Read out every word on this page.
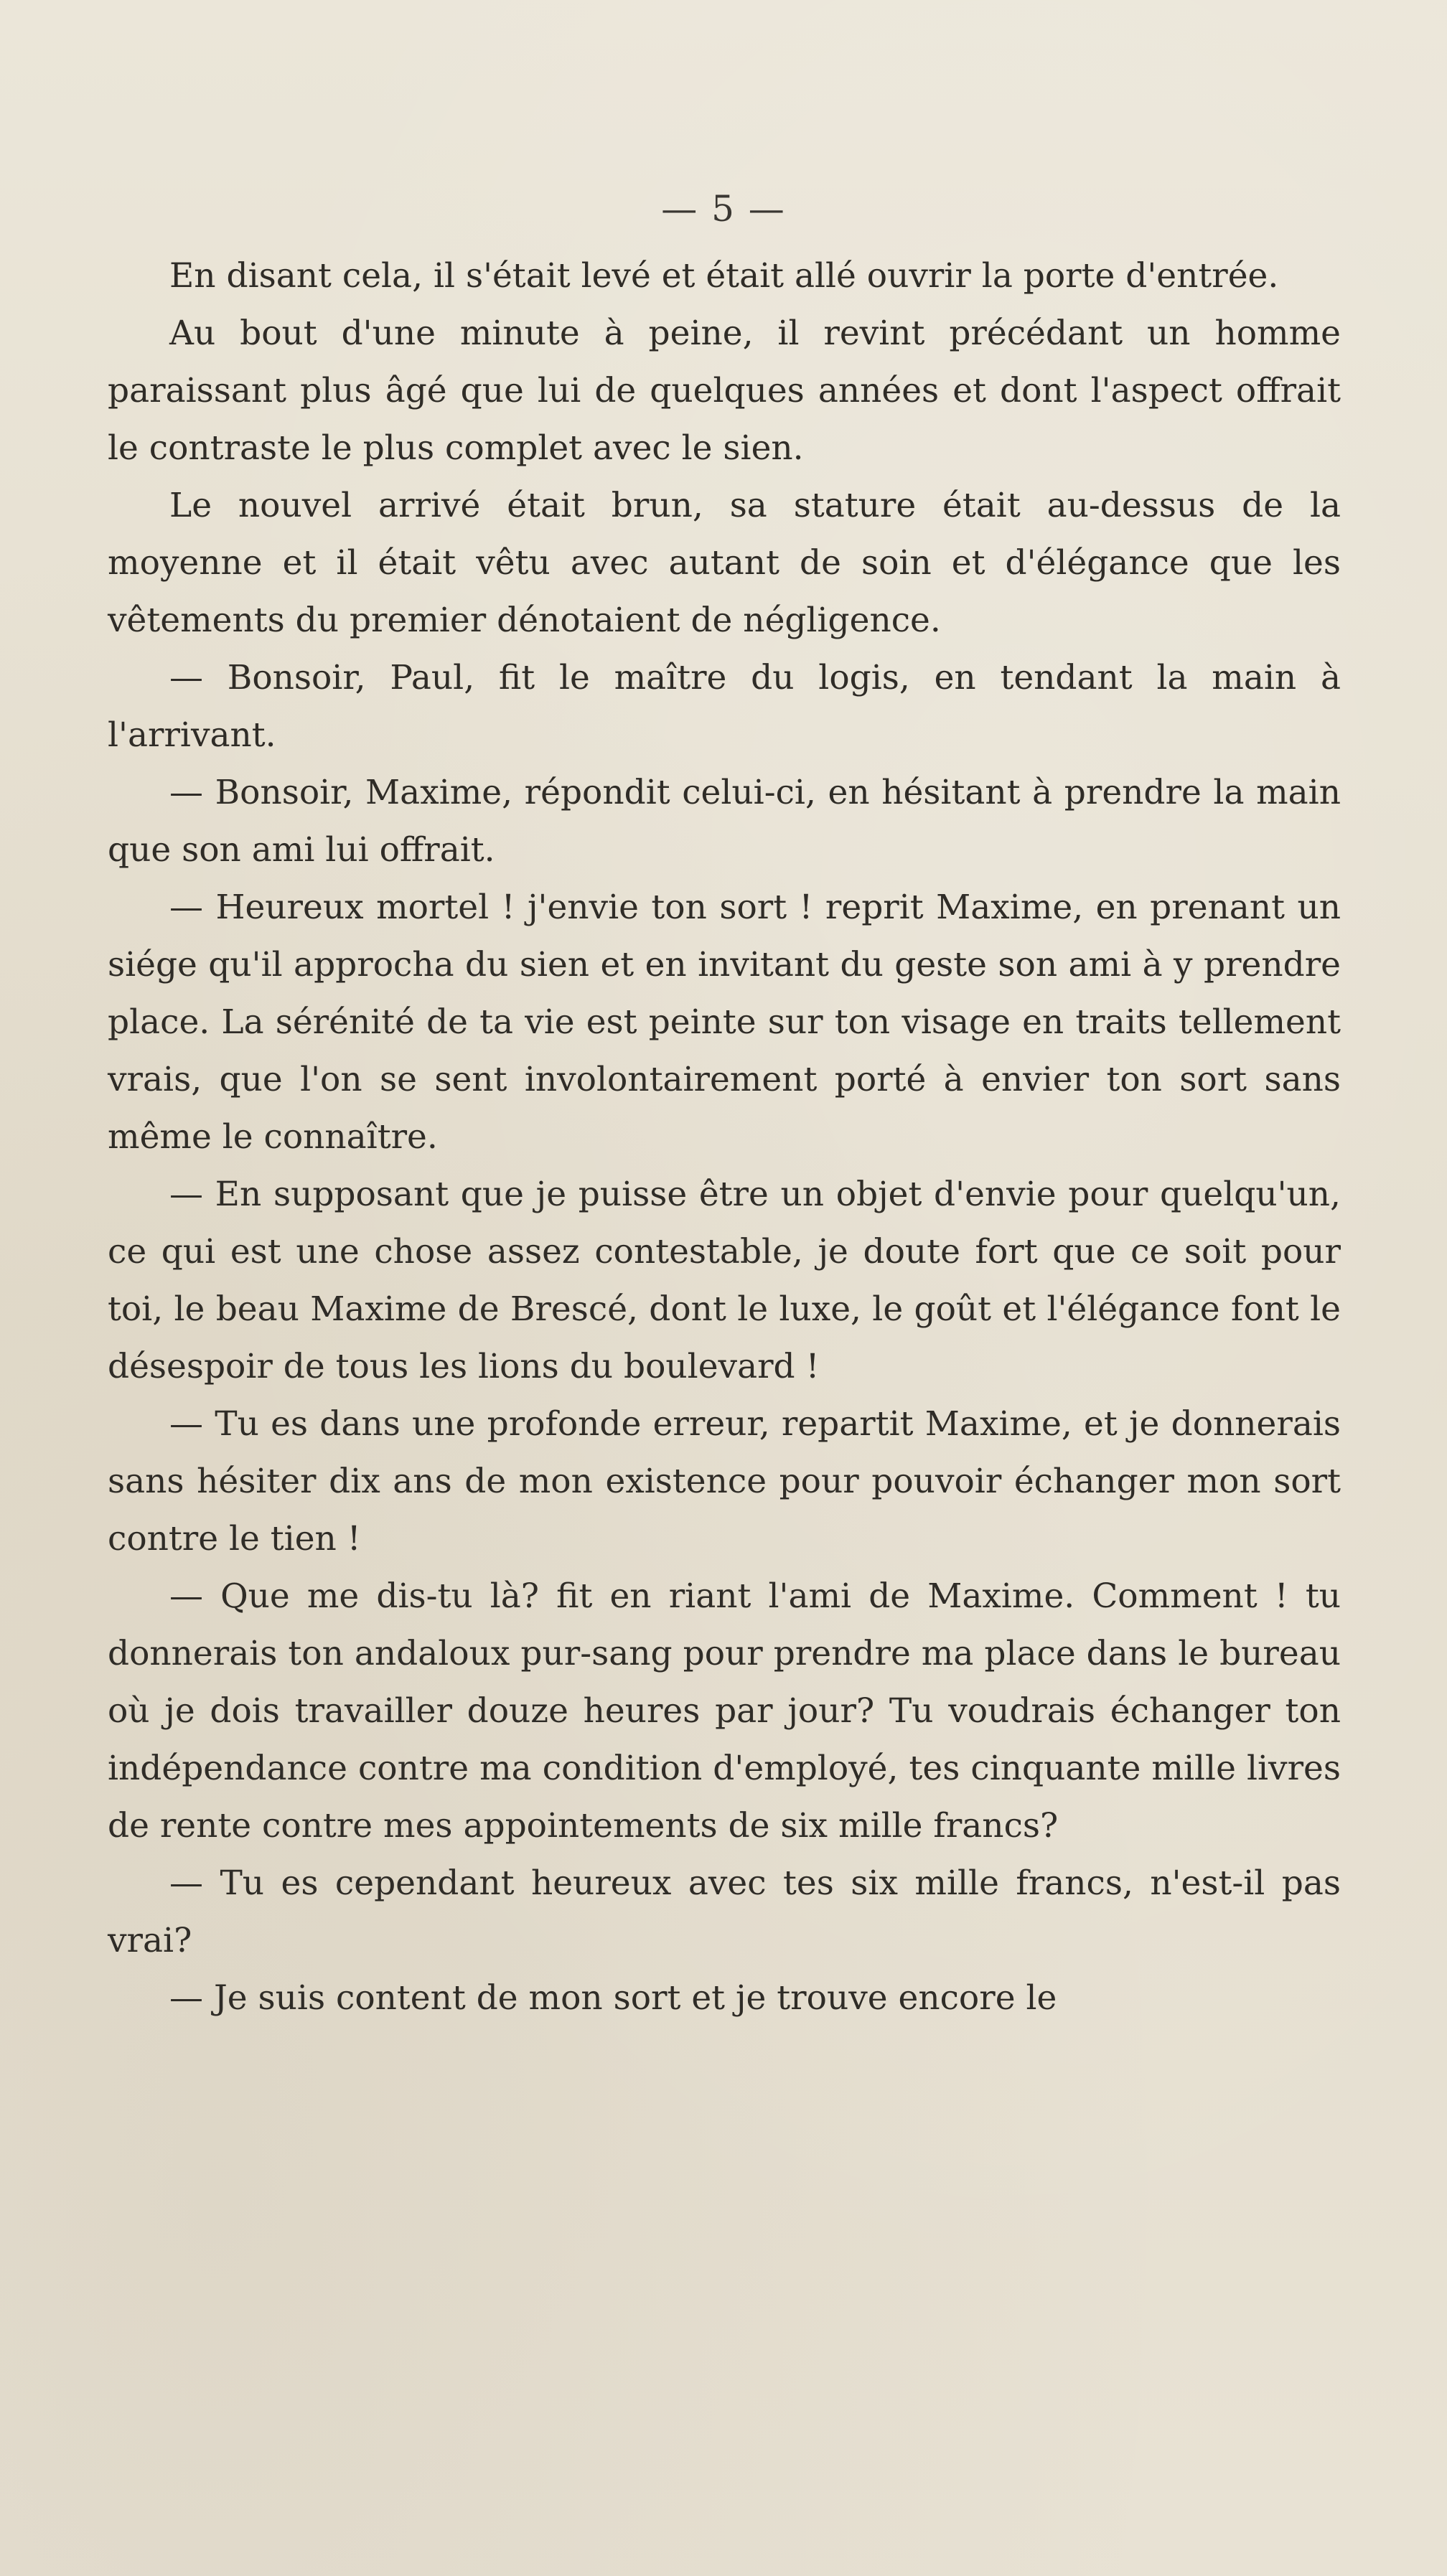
— 5 —

En disant cela, il s'était levé et était allé ouvrir la porte d'entrée.

Au bout d'une minute à peine, il revint précédant un homme paraissant plus âgé que lui de quelques années et dont l'aspect offrait le contraste le plus complet avec le sien.

Le nouvel arrivé était brun, sa stature était au-dessus de la moyenne et il était vêtu avec autant de soin et d'élégance que les vêtements du premier dénotaient de négligence.

— Bonsoir, Paul, fit le maître du logis, en tendant la main à l'arrivant.

— Bonsoir, Maxime, répondit celui-ci, en hésitant à prendre la main que son ami lui offrait.

— Heureux mortel ! j'envie ton sort ! reprit Maxime, en prenant un siége qu'il approcha du sien et en invitant du geste son ami à y prendre place. La sérénité de ta vie est peinte sur ton visage en traits tellement vrais, que l'on se sent involontairement porté à envier ton sort sans même le connaître.

— En supposant que je puisse être un objet d'envie pour quelqu'un, ce qui est une chose assez contestable, je doute fort que ce soit pour toi, le beau Maxime de Brescé, dont le luxe, le goût et l'élégance font le désespoir de tous les lions du boulevard !

— Tu es dans une profonde erreur, repartit Maxime, et je donnerais sans hésiter dix ans de mon existence pour pouvoir échanger mon sort contre le tien !

— Que me dis-tu là? fit en riant l'ami de Maxime. Comment ! tu donnerais ton andaloux pur-sang pour prendre ma place dans le bureau où je dois travailler douze heures par jour? Tu voudrais échanger ton indépendance contre ma condition d'employé, tes cinquante mille livres de rente contre mes appointements de six mille francs?

— Tu es cependant heureux avec tes six mille francs, n'est-il pas vrai?

— Je suis content de mon sort et je trouve encore le
